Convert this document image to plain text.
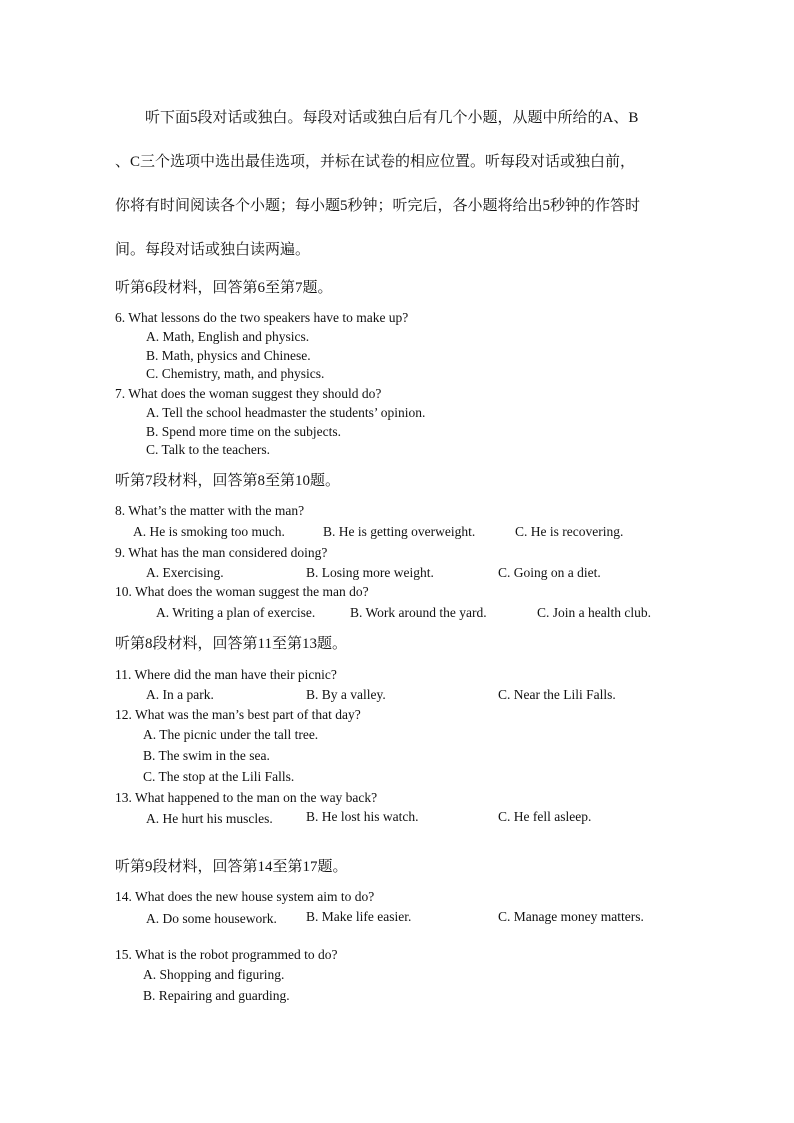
听下面5段对话或独白。每段对话或独白后有几个小题，从题中所给的A、B

、C三个选项中选出最佳选项，并标在试卷的相应位置。听每段对话或独白前，

你将有时间阅读各个小题；每小题5秒钟；听完后，各小题将给出5秒钟的作答时

间。每段对话或独白读两遍。

听第6段材料，回答第6至第7题。
6. What lessons do the two speakers have to make up?
A. Math, English and physics.
B. Math, physics and Chinese.
C. Chemistry, math, and physics.
7. What does the woman suggest they should do?
A. Tell the school headmaster the students’ opinion.
B. Spend more time on the subjects.
C. Talk to the teachers.
听第7段材料，回答第8至第10题。
8. What’s the matter with the man?
A. He is smoking too much.	B. He is getting overweight.	C. He is recovering.
9. What has the man considered doing?
A. Exercising.	B. Losing more weight.	C. Going on a diet.
10. What does the woman suggest the man do?
A. Writing a plan of exercise.	B. Work around the yard.	C. Join a health club.
听第8段材料，回答第11至第13题。
11. Where did the man have their picnic?
A. In a park.	B. By a valley.	C. Near the Lili Falls.
12. What was the man’s best part of that day?
A. The picnic under the tall tree.
B. The swim in the sea.
C. The stop at the Lili Falls.
13. What happened to the man on the way back?
A. He hurt his muscles.	B. He lost his watch.	C. He fell asleep.
听第9段材料，回答第14至第17题。
14. What does the new house system aim to do?
A. Do some housework.	B. Make life easier.	C. Manage money matters.
15. What is the robot programmed to do?
A. Shopping and figuring.
B. Repairing and guarding.
